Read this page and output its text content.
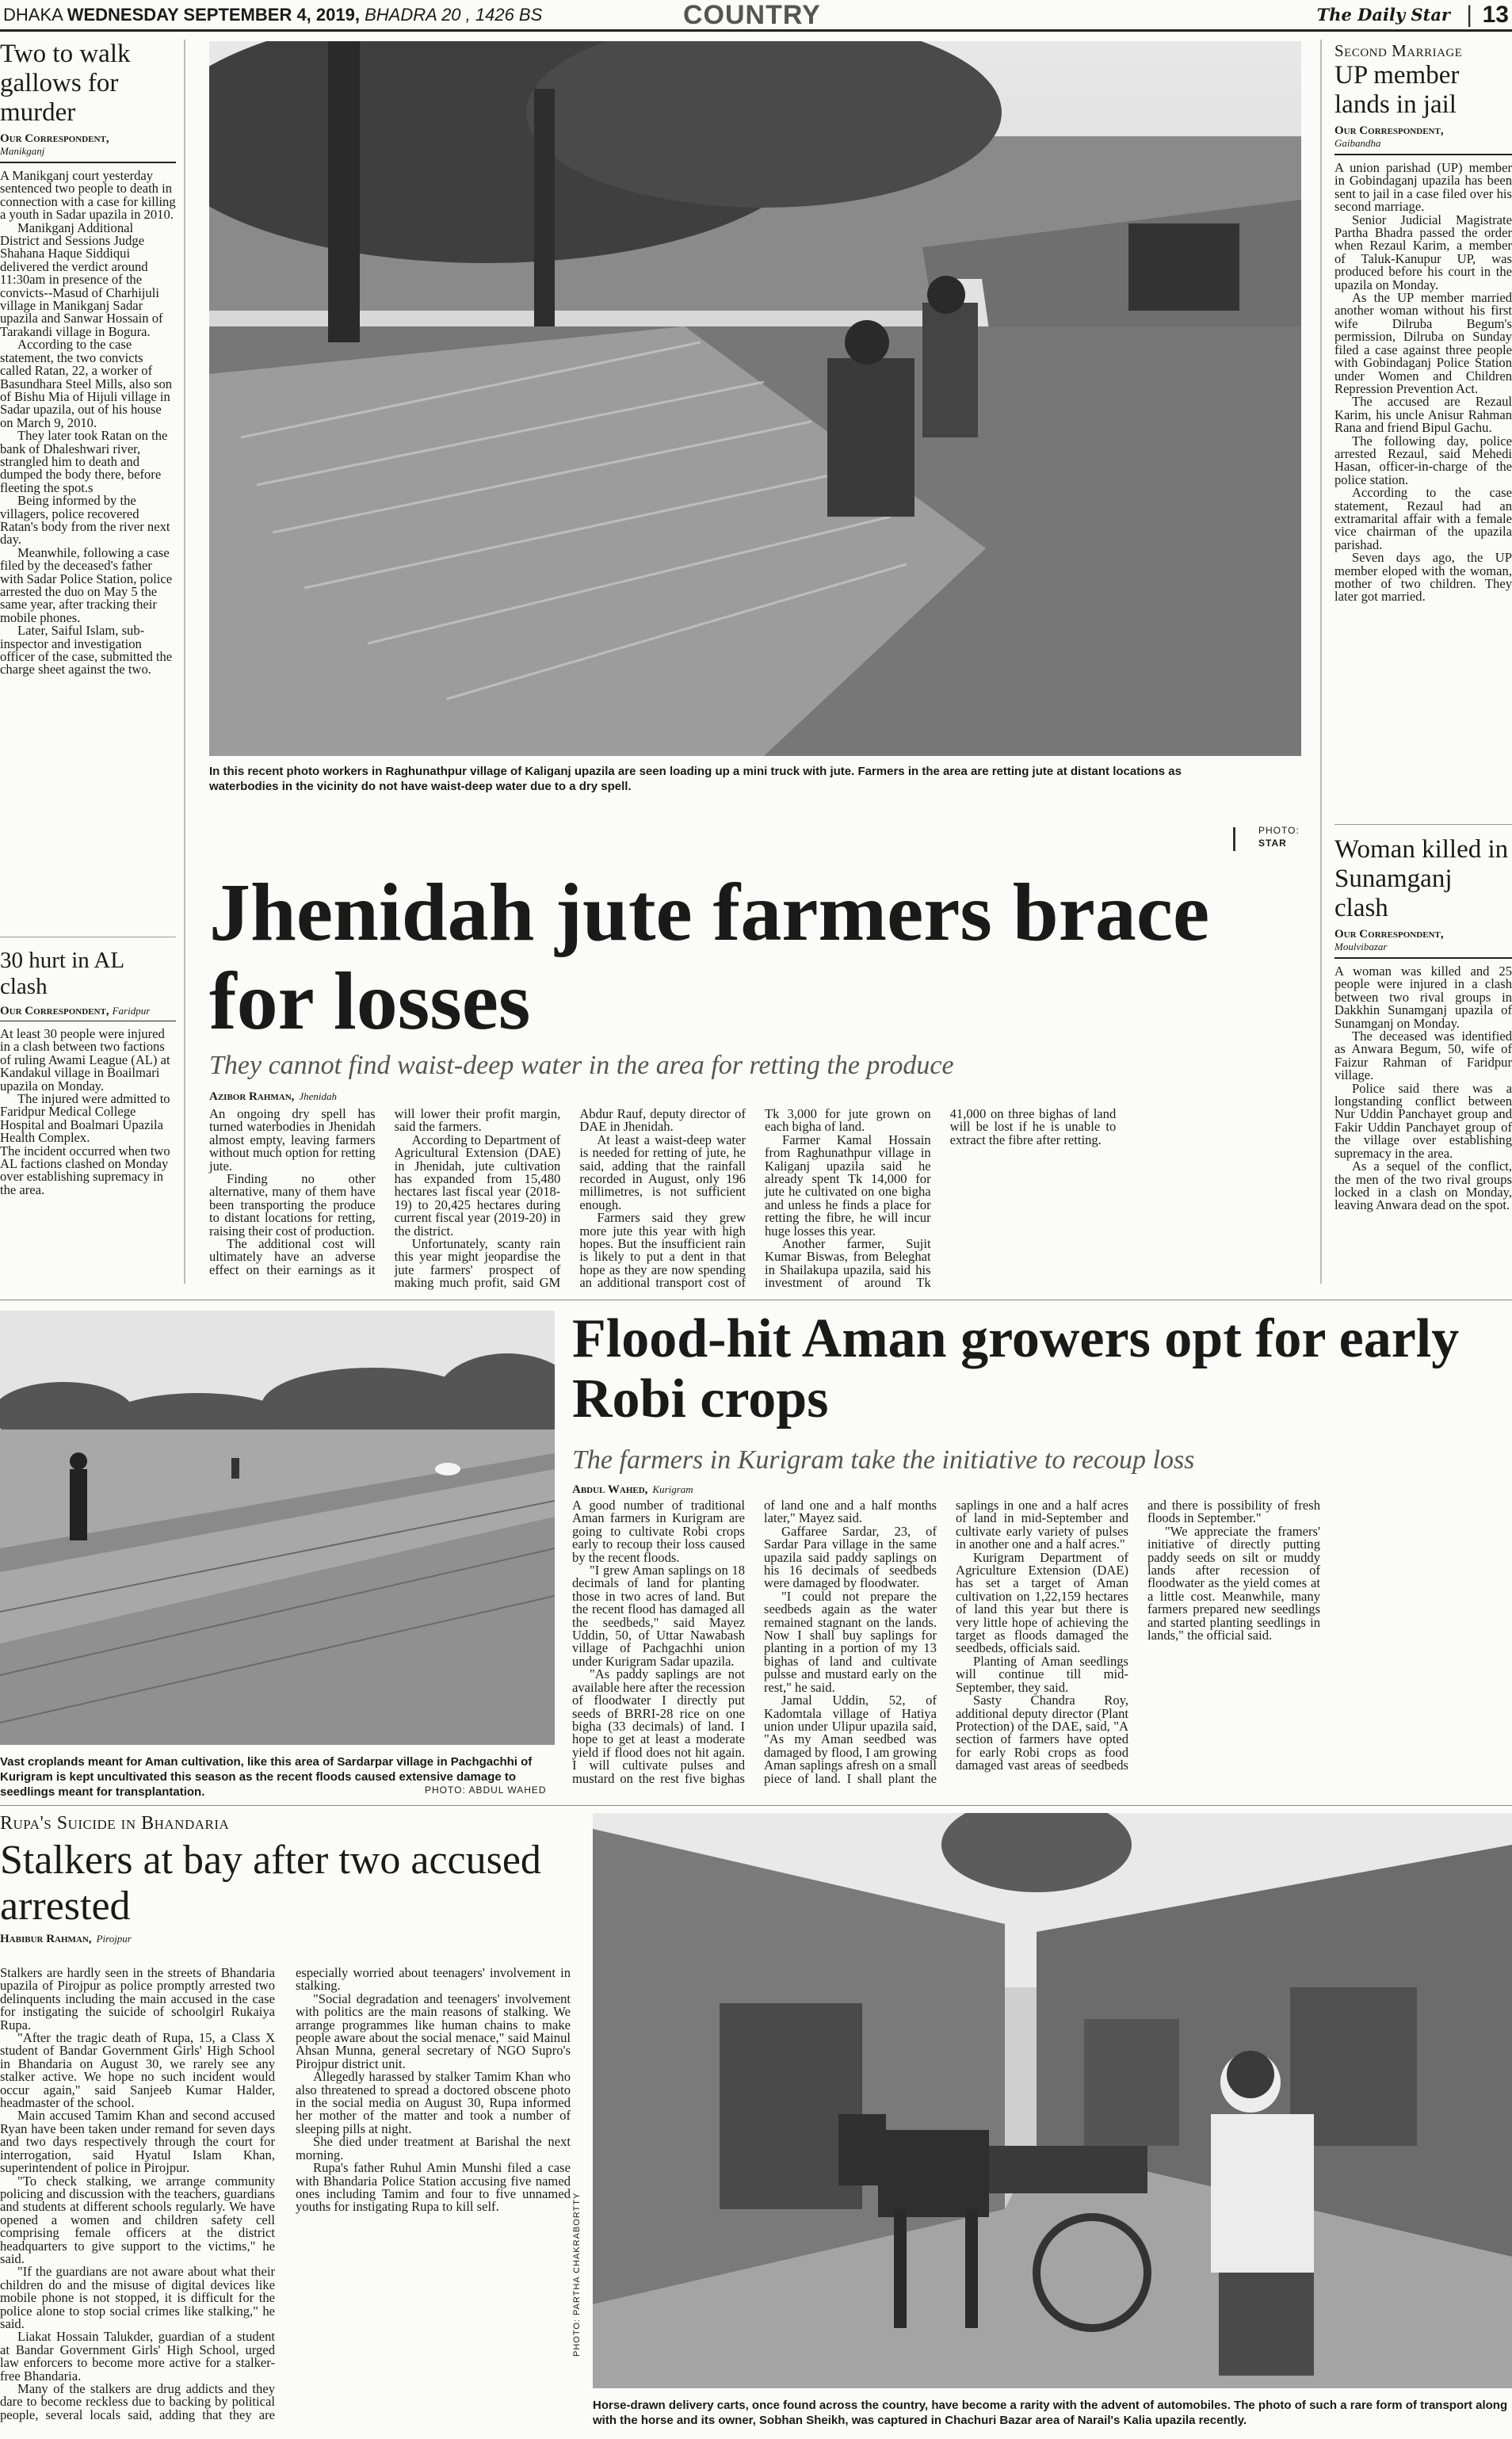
DHAKA WEDNESDAY SEPTEMBER 4, 2019, BHADRA 20 , 1426 BS	COUNTRY	The Daily Star | 13
Two to walk gallows for murder
Our Correspondent,
Manikganj

A Manikganj court yesterday sentenced two people to death in connection with a case for killing a youth in Sadar upazila in 2010.

Manikganj Additional District and Sessions Judge Shahana Haque Siddiqui delivered the verdict around 11:30am in presence of the convicts--Masud of Charhijuli village in Manikganj Sadar upazila and Sanwar Hossain of Tarakandi village in Bogura.

According to the case statement, the two convicts called Ratan, 22, a worker of Basundhara Steel Mills, also son of Bishu Mia of Hijuli village in Sadar upazila, out of his house on March 9, 2010.

They later took Ratan on the bank of Dhaleshwari river, strangled him to death and dumped the body there, before fleeting the spot.s

Being informed by the villagers, police recovered Ratan's body from the river next day.

Meanwhile, following a case filed by the deceased's father with Sadar Police Station, police arrested the duo on May 5 the same year, after tracking their mobile phones.

Later, Saiful Islam, sub-inspector and investigation officer of the case, submitted the charge sheet against the two.

30 hurt in AL clash
Our Correspondent, Faridpur

At least 30 people were injured in a clash between two factions of ruling Awami League (AL) at Kandakul village in Boailmari upazila on Monday.

The injured were admitted to Faridpur Medical College Hospital and Boalmari Upazila Health Complex.

The incident occurred when two AL factions clashed on Monday over establishing supremacy in the area.

In this recent photo workers in Raghunathpur village of Kaliganj upazila are seen loading up a mini truck with jute. Farmers in the area are retting jute at distant locations as waterbodies in the vicinity do not have waist-deep water due to a dry spell.
PHOTO:
STAR
Jhenidah jute farmers brace for losses
They cannot find waist-deep water in the area for retting the produce
Azibor Rahman, Jhenidah

An ongoing dry spell has turned waterbodies in Jhenidah almost empty, leaving farmers without much option for retting jute.

Finding no other alternative, many of them have been transporting the produce to distant locations for retting, raising their cost of production.

The additional cost will ultimately have an adverse effect on their earnings as it will lower their profit margin, said the farmers.

According to Department of Agricultural Extension (DAE) in Jhenidah, jute cultivation has expanded from 15,480 hectares last fiscal year (2018-19) to 20,425 hectares during current fiscal year (2019-20) in the district.

Unfortunately, scanty rain this year might jeopardise the jute farmers' prospect of making much profit, said GM Abdur Rauf, deputy director of DAE in Jhenidah.

At least a waist-deep water is needed for retting of jute, he said, adding that the rainfall recorded in August, only 196 millimetres, is not sufficient enough.

Farmers said they grew more jute this year with high hopes. But the insufficient rain is likely to put a dent in that hope as they are now spending an additional transport cost of Tk 3,000 for jute grown on each bigha of land.

Farmer Kamal Hossain from Raghunathpur village in Kaliganj upazila said he already spent Tk 14,000 for jute he cultivated on one bigha and unless he finds a place for retting the fibre, he will incur huge losses this year.

Another farmer, Sujit Kumar Biswas, from Beleghat in Shailakupa upazila, said his investment of around Tk 41,000 on three bighas of land will be lost if he is unable to extract the fibre after retting.

Second Marriage
UP member lands in jail
Our Correspondent,
Gaibandha

A union parishad (UP) member in Gobindaganj upazila has been sent to jail in a case filed over his second marriage.

Senior Judicial Magistrate Partha Bhadra passed the order when Rezaul Karim, a member of Taluk-Kanupur UP, was produced before his court in the upazila on Monday.

As the UP member married another woman without his first wife Dilruba Begum's permission, Dilruba on Sunday filed a case against three people with Gobindaganj Police Station under Women and Children Repression Prevention Act.

The accused are Rezaul Karim, his uncle Anisur Rahman Rana and friend Bipul Gachu.

The following day, police arrested Rezaul, said Mehedi Hasan, officer-in-charge of the police station.

According to the case statement, Rezaul had an extramarital affair with a female vice chairman of the upazila parishad.

Seven days ago, the UP member eloped with the woman, mother of two children. They later got married.

Woman killed in Sunamganj clash
Our Correspondent,
Moulvibazar

A woman was killed and 25 people were injured in a clash between two rival groups in Dakkhin Sunamganj upazila of Sunamganj on Monday.

The deceased was identified as Anwara Begum, 50, wife of Faizur Rahman of Faridpur village.

Police said there was a longstanding conflict between Nur Uddin Panchayet group and Fakir Uddin Panchayet group of the village over establishing supremacy in the area.

As a sequel of the conflict, the men of the two rival groups locked in a clash on Monday, leaving Anwara dead on the spot.

Vast croplands meant for Aman cultivation, like this area of Sardarpar village in Pachgachhi of Kurigram is kept uncultivated this season as the recent floods caused extensive damage to seedlings meant for transplantation.	PHOTO: ABDUL WAHED
Flood-hit Aman growers opt for early Robi crops
The farmers in Kurigram take the initiative to recoup loss
Abdul Wahed, Kurigram

A good number of traditional Aman farmers in Kurigram are going to cultivate Robi crops early to recoup their loss caused by the recent floods.

"I grew Aman saplings on 18 decimals of land for planting those in two acres of land. But the recent flood has damaged all the seedbeds," said Mayez Uddin, 50, of Uttar Nawabash village of Pachgachhi union under Kurigram Sadar upazila.

"As paddy saplings are not available here after the recession of floodwater I directly put seeds of BRRI-28 rice on one bigha (33 decimals) of land. I hope to get at least a moderate yield if flood does not hit again. I will cultivate pulses and mustard on the rest five bighas of land one and a half months later," Mayez said.

Gaffaree Sardar, 23, of Sardar Para village in the same upazila said paddy saplings on his 16 decimals of seedbeds were damaged by floodwater.

"I could not prepare the seedbeds again as the water remained stagnant on the lands. Now I shall buy saplings for planting in a portion of my 13 bighas of land and cultivate pulsse and mustard early on the rest," he said.

Jamal Uddin, 52, of Kadomtala village of Hatiya union under Ulipur upazila said, "As my Aman seedbed was damaged by flood, I am growing Aman saplings afresh on a small piece of land. I shall plant the saplings in one and a half acres of land in mid-September and cultivate early variety of pulses in another one and a half acres."

Kurigram Department of Agriculture Extension (DAE) has set a target of Aman cultivation on 1,22,159 hectares of land this year but there is very little hope of achieving the target as floods damaged the seedbeds, officials said.

Planting of Aman seedlings will continue till mid-September, they said.

Sasty Chandra Roy, additional deputy director (Plant Protection) of the DAE, said, "A section of farmers have opted for early Robi crops as food damaged vast areas of seedbeds and there is possibility of fresh floods in September."

"We appreciate the framers' initiative of directly putting paddy seeds on silt or muddy lands after recession of floodwater as the yield comes at a little cost. Meanwhile, many farmers prepared new seedlings and started planting seedlings in lands," the official said.

Rupa's Suicide in Bhandaria
Stalkers at bay after two accused arrested
Habibur Rahman, Pirojpur

Stalkers are hardly seen in the streets of Bhandaria upazila of Pirojpur as police promptly arrested two delinquents including the main accused in the case for instigating the suicide of schoolgirl Rukaiya Rupa.

"After the tragic death of Rupa, 15, a Class X student of Bandar Government Girls' High School in Bhandaria on August 30, we rarely see any stalker active. We hope no such incident would occur again," said Sanjeeb Kumar Halder, headmaster of the school.

Main accused Tamim Khan and second accused Ryan have been taken under remand for seven days and two days respectively through the court for interrogation, said Hyatul Islam Khan, superintendent of police in Pirojpur.

"To check stalking, we arrange community policing and discussion with the teachers, guardians and students at different schools regularly. We have opened a women and children safety cell comprising female officers at the district headquarters to give support to the victims," he said.

"If the guardians are not aware about what their children do and the misuse of digital devices like mobile phone is not stopped, it is difficult for the police alone to stop social crimes like stalking," he said.

Liakat Hossain Talukder, guardian of a student at Bandar Government Girls' High School, urged law enforcers to become more active for a stalker-free Bhandaria.

Many of the stalkers are drug addicts and they dare to become reckless due to backing by political people, several locals said, adding that they are especially worried about teenagers' involvement in stalking.

"Social degradation and teenagers' involvement with politics are the main reasons of stalking. We arrange programmes like human chains to make people aware about the social menace," said Mainul Ahsan Munna, general secretary of NGO Supro's Pirojpur district unit.

Allegedly harassed by stalker Tamim Khan who also threatened to spread a doctored obscene photo in the social media on August 30, Rupa informed her mother of the matter and took a number of sleeping pills at night.

She died under treatment at Barishal the next morning.

Rupa's father Ruhul Amin Munshi filed a case with Bhandaria Police Station accusing five named ones including Tamim and four to five unnamed youths for instigating Rupa to kill self.	PHOTO: PARTHA CHAKRABORTTY
Horse-drawn delivery carts, once found across the country, have become a rarity with the advent of automobiles. The photo of such a rare form of transport along with the horse and its owner, Sobhan Sheikh, was captured in Chachuri Bazar area of Narail's Kalia upazila recently.
